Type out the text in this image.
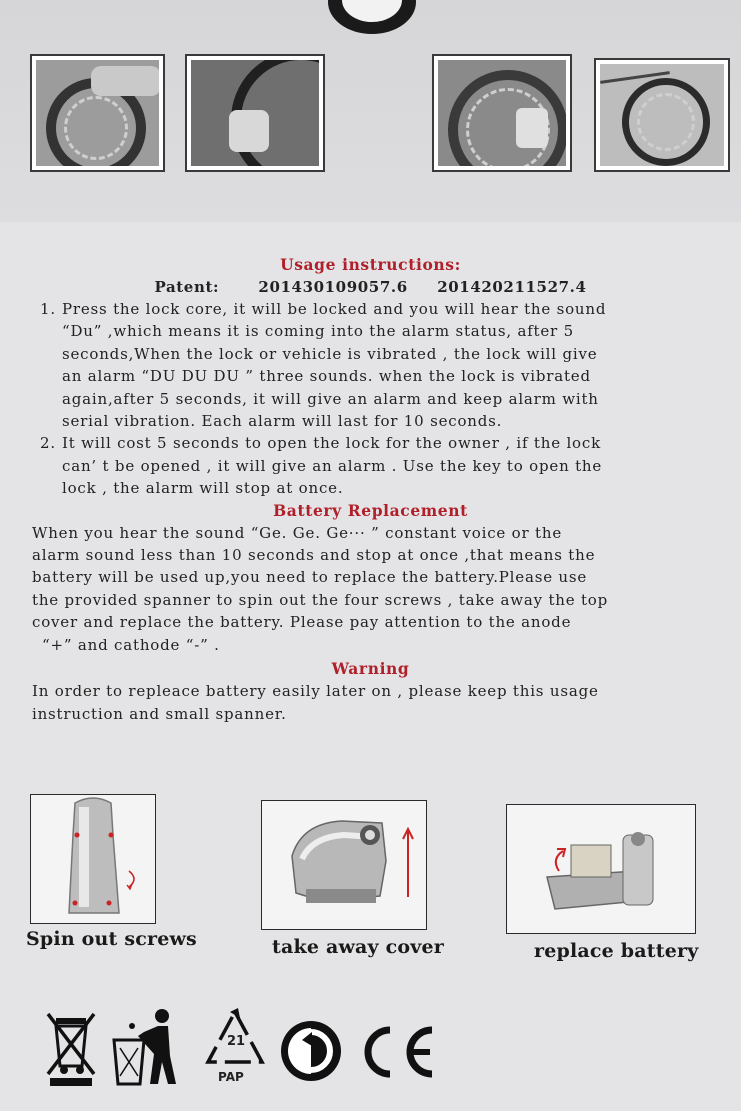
Usage instructions:

Patent:	201430109057.6 201420211527.4

1. Press the lock core, it will be locked and you will hear the sound
“Du” ,which means it is coming into the alarm status, after 5
seconds,When the lock or vehicle is vibrated , the lock will give
an alarm “DU DU DU ” three sounds. when the lock is vibrated
again,after 5 seconds, it will give an alarm and keep alarm with
serial vibration. Each alarm will last for 10 seconds.
2. It will cost 5 seconds to open the lock for the owner , if the lock
can’ t be opened , it will give an alarm . Use the key to open the
lock , the alarm will stop at once.

Battery Replacement

When you hear the sound “Ge. Ge. Ge··· ” constant voice or the
alarm sound less than 10 seconds and stop at once ,that means the
battery will be used up,you need to replace the battery.Please use
the provided spanner to spin out the four screws , take away the top
cover and replace the battery. Please pay attention to the anode
“+” and cathode “-” .

Warning

In order to repleace battery easily later on , please keep this usage
instruction and small spanner.

Spin out screws	take away cover	replace battery
21
PAP
